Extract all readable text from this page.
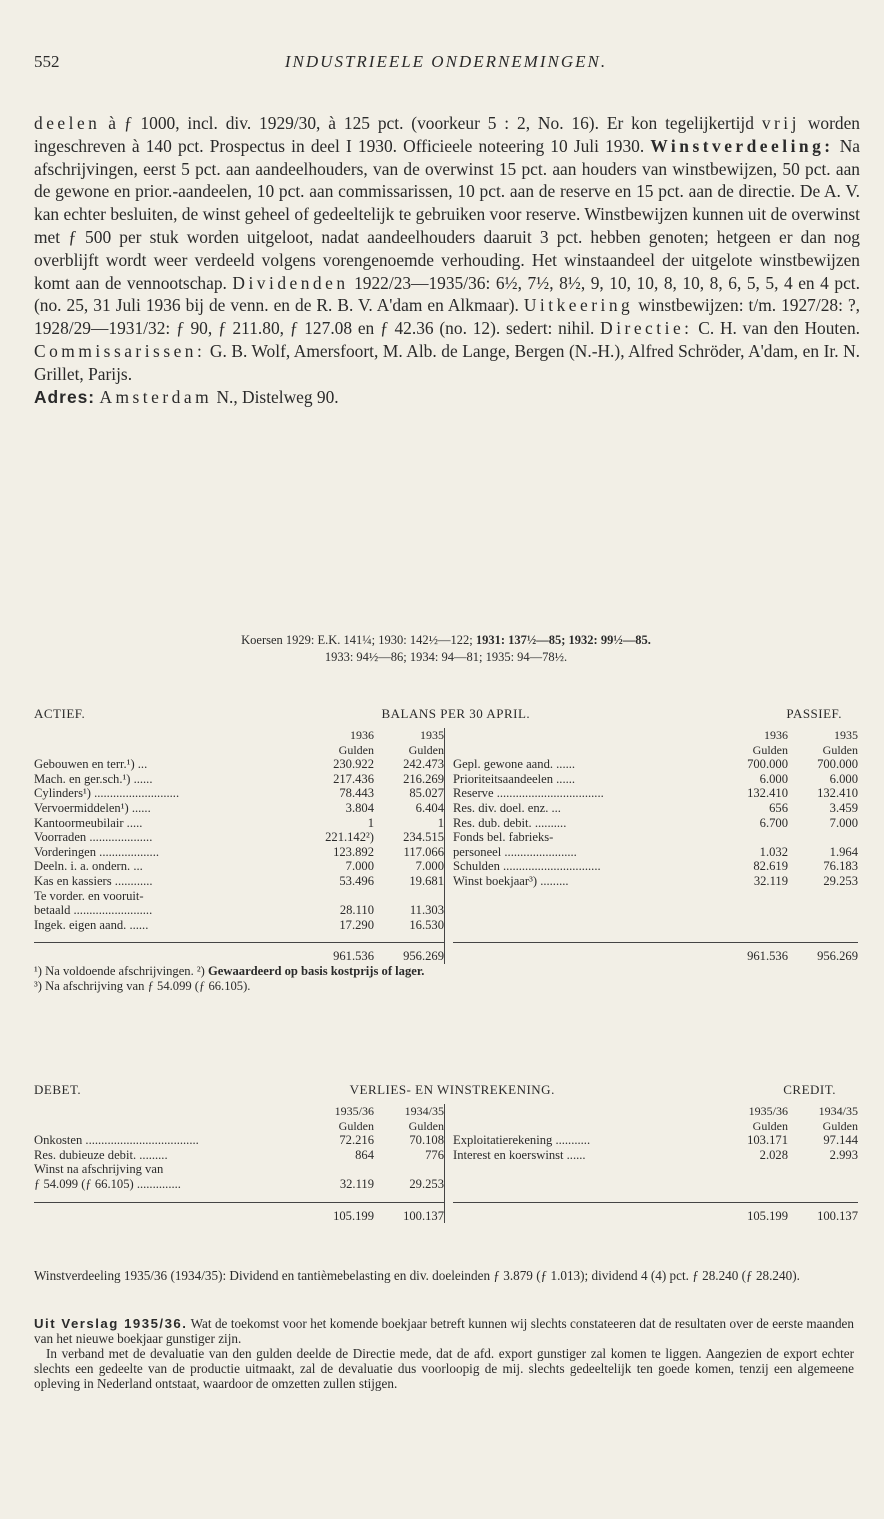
552	INDUSTRIEELE ONDERNEMINGEN.
deelen à ƒ 1000, incl. div. 1929/30, à 125 pct. (voorkeur 5 : 2, No. 16). Er kon tegelijkertijd vrij worden ingeschreven à 140 pct. Prospectus in deel I 1930. Officieele noteering 10 Juli 1930. Winstverdeeling: Na afschrijvingen, eerst 5 pct. aan aandeelhouders, van de overwinst 15 pct. aan houders van winstbewijzen, 50 pct. aan de gewone en prior.-aandeelen, 10 pct. aan commissarissen, 10 pct. aan de reserve en 15 pct. aan de directie. De A. V. kan echter besluiten, de winst geheel of gedeeltelijk te gebruiken voor reserve. Winstbewijzen kunnen uit de overwinst met ƒ 500 per stuk worden uitgeloot, nadat aandeelhouders daaruit 3 pct. hebben genoten; hetgeen er dan nog overblijft wordt weer verdeeld volgens vorengenoemde verhouding. Het winstaandeel der uitgelote winstbewijzen komt aan de vennootschap. Dividenden 1922/23—1935/36: 6½, 7½, 8½, 9, 10, 10, 8, 10, 8, 6, 5, 5, 4 en 4 pct. (no. 25, 31 Juli 1936 bij de venn. en de R. B. V. A'dam en Alkmaar). Uitkeering winstbewijzen: t/m. 1927/28: ?, 1928/29—1931/32: ƒ 90, ƒ 211.80, ƒ 127.08 en ƒ 42.36 (no. 12). sedert: nihil. Directie: C. H. van den Houten. Commissarissen: G. B. Wolf, Amersfoort, M. Alb. de Lange, Bergen (N.-H.), Alfred Schröder, A'dam, en Ir. N. Grillet, Parijs.
Adres: Amsterdam N., Distelweg 90.
Koersen 1929: E.K. 141¼; 1930: 142½—122; 1931: 137½—85; 1932: 99½—85.
1933: 94½—86; 1934: 94—81; 1935: 94—78½.
ACTIEF.	BALANS PER 30 APRIL.	PASSIEF.
1936	1935
Gulden	Gulden
Gebouwen en terr.¹) ...	230.922	242.473
Mach. en ger.sch.¹) ......	217.436	216.269
Cylinders¹) ...........................	78.443	85.027
Vervoermiddelen¹) ......	3.804	6.404
Kantoormeubilair .....	1	1
Voorraden ....................	221.142²)	234.515
Vorderingen ...................	123.892	117.066
Deeln. i. a. ondern. ...	7.000	7.000
Kas en kassiers ............	53.496	19.681
Te vorder. en vooruit-
betaald .........................	28.110	11.303
Ingek. eigen aand. ......	17.290	16.530
961.536	956.269
1936	1935
Gulden	Gulden
Gepl. gewone aand. ......	700.000	700.000
Prioriteitsaandeelen ......	6.000	6.000
Reserve ..................................	132.410	132.410
Res. div. doel. enz. ...	656	3.459
Res. dub. debit. ..........	6.700	7.000
Fonds bel. fabrieks-
personeel .......................	1.032	1.964
Schulden ...............................	82.619	76.183
Winst boekjaar³) .........	32.119	29.253
961.536	956.269
¹) Na voldoende afschrijvingen. ²) Gewaardeerd op basis kostprijs of lager.
³) Na afschrijving van ƒ 54.099 (ƒ 66.105).
DEBET.	VERLIES- EN WINSTREKENING.	CREDIT.
1935/36	1934/35
Gulden	Gulden
Onkosten ....................................	72.216	70.108
Res. dubieuze debit. .........	864	776
Winst na afschrijving van
ƒ 54.099 (ƒ 66.105) ..............	32.119	29.253
105.199	100.137
1935/36	1934/35
Gulden	Gulden
Exploitatierekening ...........	103.171	97.144
Interest en koerswinst ......	2.028	2.993
105.199	100.137
Winstverdeeling 1935/36 (1934/35): Dividend en tantièmebelasting en div. doeleinden ƒ 3.879 (ƒ 1.013); dividend 4 (4) pct. ƒ 28.240 (ƒ 28.240).
Uit Verslag 1935/36. Wat de toekomst voor het komende boekjaar betreft kunnen wij slechts constateeren dat de resultaten over de eerste maanden van het nieuwe boekjaar gunstiger zijn.
In verband met de devaluatie van den gulden deelde de Directie mede, dat de afd. export gunstiger zal komen te liggen. Aangezien de export echter slechts een gedeelte van de productie uitmaakt, zal de devaluatie dus voorloopig de mij. slechts gedeeltelijk ten goede komen, tenzij een algemeene opleving in Nederland ontstaat, waardoor de omzetten zullen stijgen.
